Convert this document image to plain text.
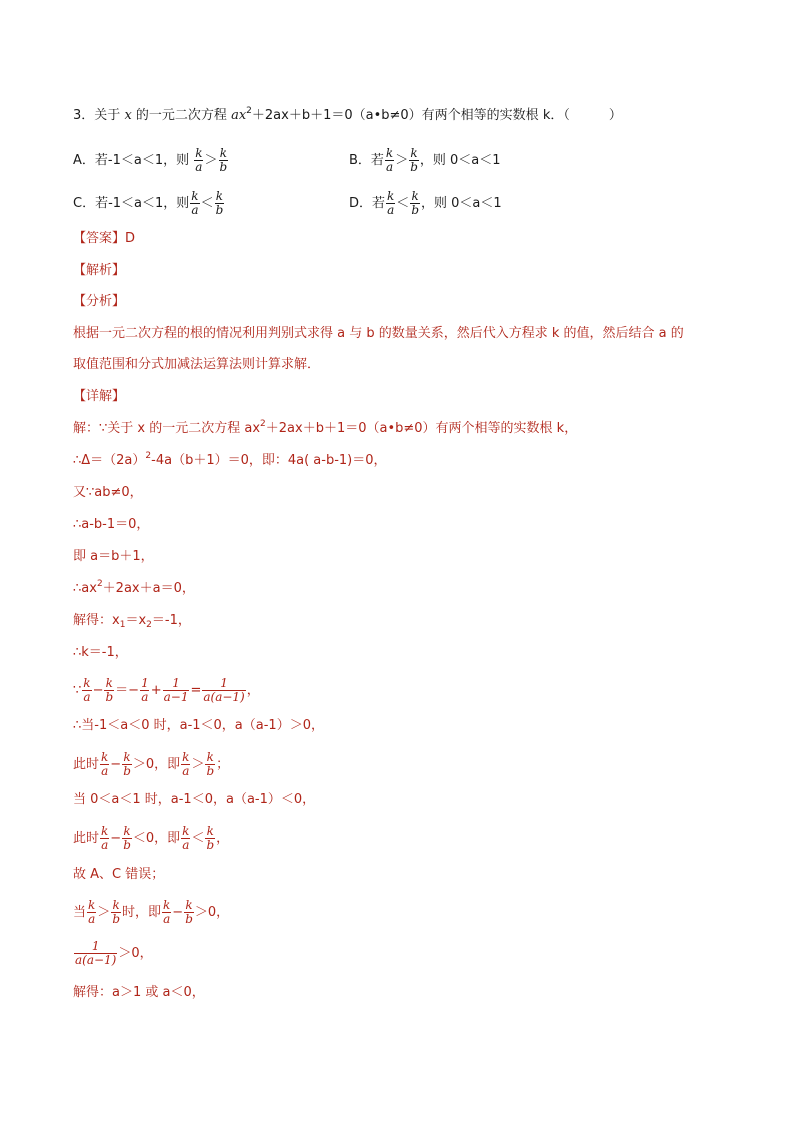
3．关于 x 的一元二次方程 $ax^2+2ax+b+1=0(a•b\ne 0)$有两个相等的实数根 k．（　　　）
A．若-1＜a＜1，则 $\frac{k}{a} > \frac{k}{b}$	B．若 $\frac{k}{a} > \frac{k}{b}$ ，则 0＜a＜1
C．若-1＜a＜1，则 $\frac{k}{a} < \frac{k}{b}$	D．若 $\frac{k}{a} < \frac{k}{b}$ ，则 0＜a＜1
【答案】D
【解析】
【分析】
根据一元二次方程的根的情况利用判别式求得 a 与 b 的数量关系，然后代入方程求 k 的值，然后结合 a 的
取值范围和分式加减法运算法则计算求解．
【详解】
解：∵关于 x 的一元二次方程 $ax^2+2ax+b+1=0(a•b\ne 0)$有两个相等的实数根 k，
$\therefore\Delta=(2a)^2-4a(b+1)=0$，即：4a( a-b-1)＝0，
又∵ab≠0，
∴a-b-1＝0，
即 a＝b＋1，
$\therefore ax^2+2ax+a=0$，
解得：$x_1=x_2=-1$，
∴k＝-1，
∵ $\frac{k}{a} - \frac{k}{b} =- \frac{1}{a} + \frac{1}{a-1} = \frac{1}{a(a-1)}$ ，
∴当-1＜a＜0 时，a-1＜0，a（a-1）＞0，
此时 $\frac{k}{a} - \frac{k}{b} >0$，即 $\frac{k}{a} > \frac{k}{b}$ ；
当 0＜a＜1 时，a-1＜0，a（a-1）＜0，
此时 $\frac{k}{a} - \frac{k}{b} <0$，即 $\frac{k}{a} < \frac{k}{b}$ ，
故 A、C 错误；
当 $\frac{k}{a} > \frac{k}{b}$ 时，即 $\frac{k}{a} - \frac{k}{b} >0$，
$\frac{1}{a(a-1)} >0$，
解得：a＞1 或 a＜0，
